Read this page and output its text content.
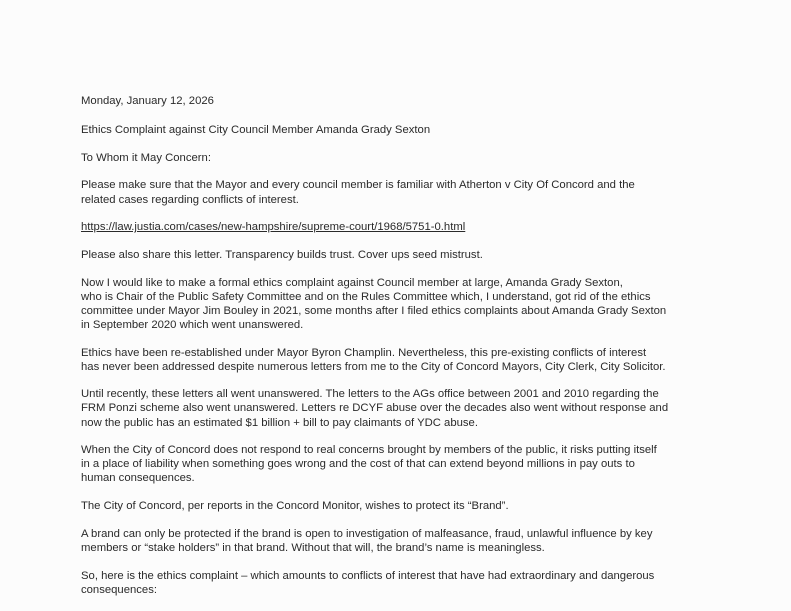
Monday, January 12, 2026

Ethics Complaint against City Council Member Amanda Grady Sexton

To Whom it May Concern:

Please make sure that the Mayor and every council member is familiar with Atherton v City Of Concord and the
related cases regarding conflicts of interest.

https://law.justia.com/cases/new-hampshire/supreme-court/1968/5751-0.html

Please also share this letter. Transparency builds trust. Cover ups seed mistrust.

Now I would like to make a formal ethics complaint against Council member at large, Amanda Grady Sexton,
who is Chair of the Public Safety Committee and on the Rules Committee which, I understand, got rid of the ethics
committee under Mayor Jim Bouley in 2021, some months after I filed ethics complaints about Amanda Grady Sexton
in September 2020 which went unanswered.

Ethics have been re-established under Mayor Byron Champlin. Nevertheless, this pre-existing conflicts of interest
has never been addressed despite numerous letters from me to the City of Concord Mayors, City Clerk, City Solicitor.

Until recently, these letters all went unanswered. The letters to the AGs office between 2001 and 2010 regarding the
FRM Ponzi scheme also went unanswered. Letters re DCYF abuse over the decades also went without response and
now the public has an estimated $1 billion + bill to pay claimants of YDC abuse.

When the City of Concord does not respond to real concerns brought by members of the public, it risks putting itself
in a place of liability when something goes wrong and the cost of that can extend beyond millions in pay outs to
human consequences.

The City of Concord, per reports in the Concord Monitor, wishes to protect its “Brand”.

A brand can only be protected if the brand is open to investigation of malfeasance, fraud, unlawful influence by key
members or “stake holders” in that brand. Without that will, the brand’s name is meaningless.

So, here is the ethics complaint – which amounts to conflicts of interest that have had extraordinary and dangerous
consequences:
